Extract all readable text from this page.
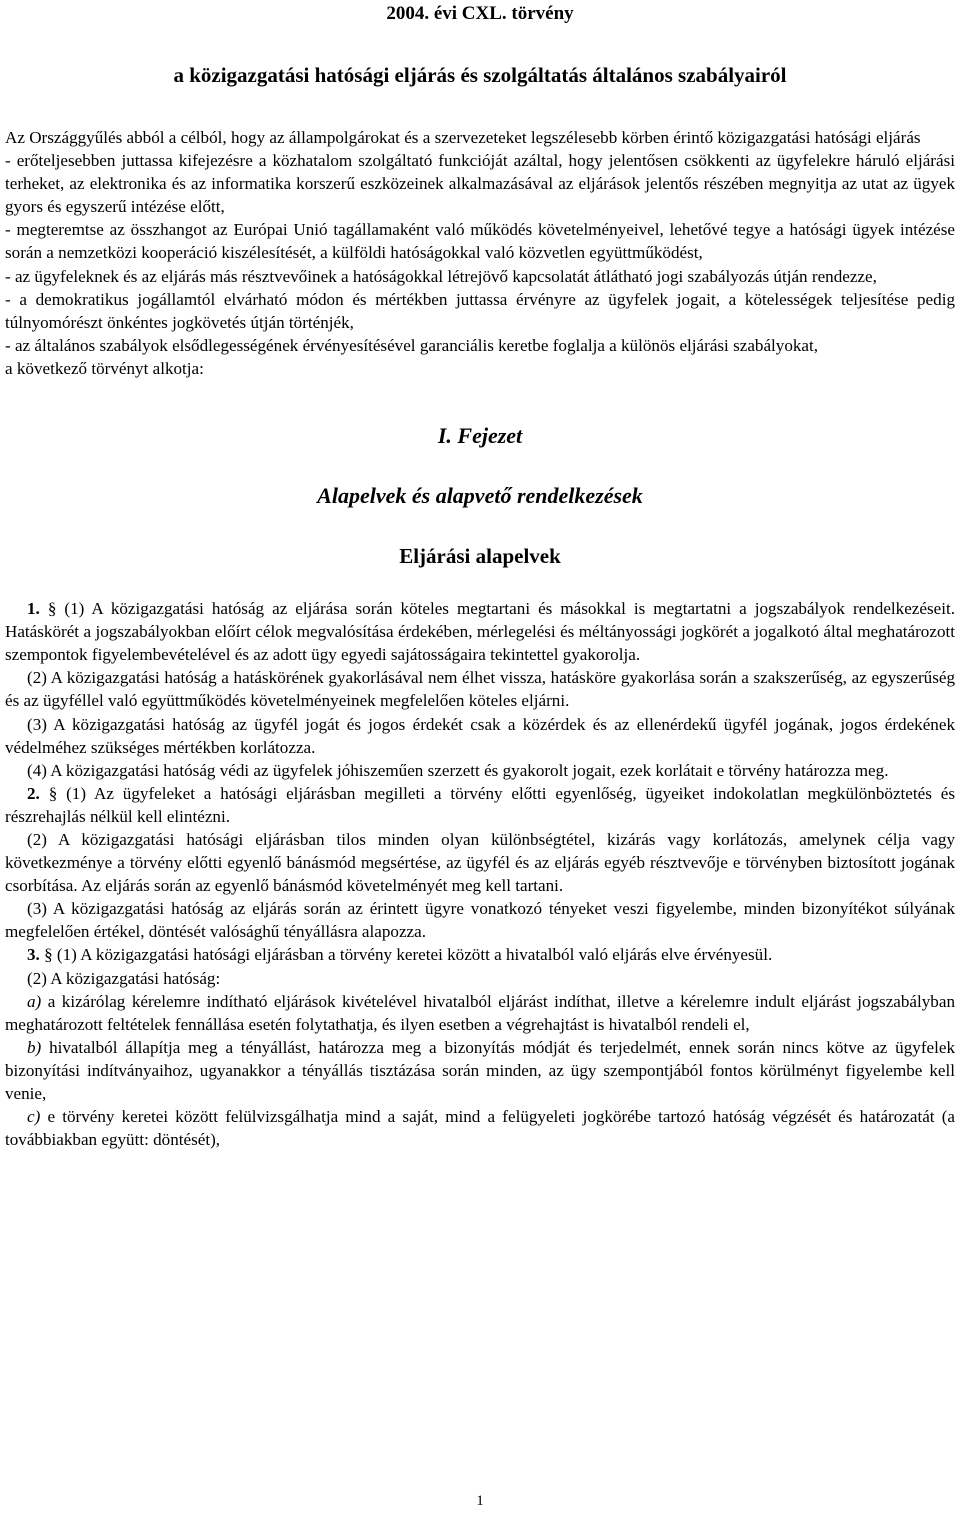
2004. évi CXL. törvény

a közigazgatási hatósági eljárás és szolgáltatás általános szabályairól

Az Országgyűlés abból a célból, hogy az állampolgárokat és a szervezeteket legszélesebb körben érintő közigazgatási hatósági eljárás

- erőteljesebben juttassa kifejezésre a közhatalom szolgáltató funkcióját azáltal, hogy jelentősen csökkenti az ügyfelekre háruló eljárási terheket, az elektronika és az informatika korszerű eszközeinek alkalmazásával az eljárások jelentős részében megnyitja az utat az ügyek gyors és egyszerű intézése előtt,

- megteremtse az összhangot az Európai Unió tagállamaként való működés követelményeivel, lehetővé tegye a hatósági ügyek intézése során a nemzetközi kooperáció kiszélesítését, a külföldi hatóságokkal való közvetlen együttműködést,

- az ügyfeleknek és az eljárás más résztvevőinek a hatóságokkal létrejövő kapcsolatát átlátható jogi szabályozás útján rendezze,

- a demokratikus jogállamtól elvárható módon és mértékben juttassa érvényre az ügyfelek jogait, a kötelességek teljesítése pedig túlnyomórészt önkéntes jogkövetés útján történjék,

- az általános szabályok elsődlegességének érvényesítésével garanciális keretbe foglalja a különös eljárási szabályokat,

a következő törvényt alkotja:

I. Fejezet

Alapelvek és alapvető rendelkezések

Eljárási alapelvek

1. § (1) A közigazgatási hatóság az eljárása során köteles megtartani és másokkal is megtartatni a jogszabályok rendelkezéseit. Hatáskörét a jogszabályokban előírt célok megvalósítása érdekében, mérlegelési és méltányossági jogkörét a jogalkotó által meghatározott szempontok figyelembevételével és az adott ügy egyedi sajátosságaira tekintettel gyakorolja.

(2) A közigazgatási hatóság a hatáskörének gyakorlásával nem élhet vissza, hatásköre gyakorlása során a szakszerűség, az egyszerűség és az ügyféllel való együttműködés követelményeinek megfelelően köteles eljárni.

(3) A közigazgatási hatóság az ügyfél jogát és jogos érdekét csak a közérdek és az ellenérdekű ügyfél jogának, jogos érdekének védelméhez szükséges mértékben korlátozza.

(4) A közigazgatási hatóság védi az ügyfelek jóhiszeműen szerzett és gyakorolt jogait, ezek korlátait e törvény határozza meg.

2. § (1) Az ügyfeleket a hatósági eljárásban megilleti a törvény előtti egyenlőség, ügyeiket indokolatlan megkülönböztetés és részrehajlás nélkül kell elintézni.

(2) A közigazgatási hatósági eljárásban tilos minden olyan különbségtétel, kizárás vagy korlátozás, amelynek célja vagy következménye a törvény előtti egyenlő bánásmód megsértése, az ügyfél és az eljárás egyéb résztvevője e törvényben biztosított jogának csorbítása. Az eljárás során az egyenlő bánásmód követelményét meg kell tartani.

(3) A közigazgatási hatóság az eljárás során az érintett ügyre vonatkozó tényeket veszi figyelembe, minden bizonyítékot súlyának megfelelően értékel, döntését valósághű tényállásra alapozza.

3. § (1) A közigazgatási hatósági eljárásban a törvény keretei között a hivatalból való eljárás elve érvényesül.

(2) A közigazgatási hatóság:

a) a kizárólag kérelemre indítható eljárások kivételével hivatalból eljárást indíthat, illetve a kérelemre indult eljárást jogszabályban meghatározott feltételek fennállása esetén folytathatja, és ilyen esetben a végrehajtást is hivatalból rendeli el,

b) hivatalból állapítja meg a tényállást, határozza meg a bizonyítás módját és terjedelmét, ennek során nincs kötve az ügyfelek bizonyítási indítványaihoz, ugyanakkor a tényállás tisztázása során minden, az ügy szempontjából fontos körülményt figyelembe kell venie,

c) e törvény keretei között felülvizsgálhatja mind a saját, mind a felügyeleti jogkörébe tartozó hatóság végzését és határozatát (a továbbiakban együtt: döntését),

1
